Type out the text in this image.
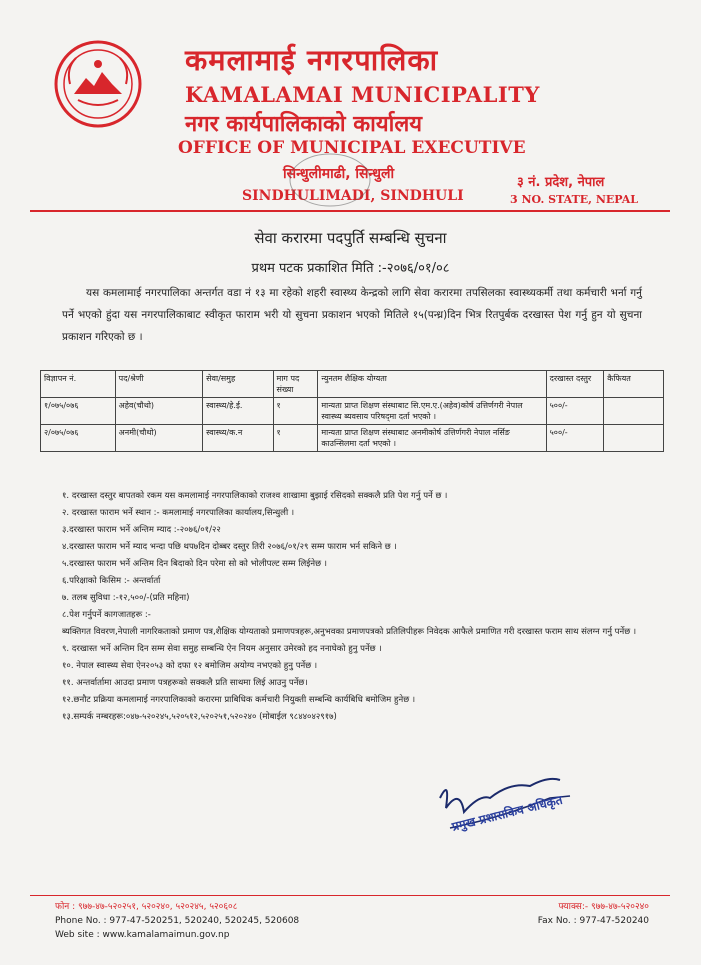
कमलामाई नगरपालिका
KAMALAMAI MUNICIPALITY
नगर कार्यपालिकाको कार्यालय
OFFICE OF MUNICIPAL EXECUTIVE
सिन्धुलीमाढी, सिन्धुली
SINDHULIMADI, SINDHULI
३ नं. प्रदेश, नेपाल
3 NO. STATE, NEPAL
सेवा करारमा पदपुर्ति सम्बन्धि सुचना
प्रथम पटक प्रकाशित मिति :-२०७६/०१/०८
यस कमलामाई नगरपालिका अन्तर्गत वडा नं १३ मा रहेको शहरी स्वास्थ्य केन्द्रको लागि सेवा करारमा तपसिलका स्वास्थ्यकर्मी तथा कर्मचारी भर्ना गर्नु पर्ने भएको हुंदा यस नगरपालिकाबाट स्वीकृत फाराम भरी यो सुचना प्रकाशन भएको मितिले १५(पन्ध्र)दिन भित्र रितपुर्बक दरखास्त पेश गर्नु हुन यो सुचना प्रकाशन गरिएको छ ।
विज्ञापन नं.	पद/श्रेणी	सेवा/समुह	माग पद संख्या	न्युनतम शैक्षिक योग्यता	दरखास्त दस्तुर	कैफियत
१/०७५/०७६	अहेव(चौथो)	स्वास्थ्य/हे.ई.	१	मान्यता प्राप्त शिक्षण संस्थाबाट सि.एम.ए.(अहेव)कोर्ष उत्तिर्णगरी नेपाल स्वास्थ्य ब्यवसाय परिषद्‌मा दर्ता भएको ।	५००/-	
२/०७५/०७६	अनमी(चौथो)	स्वास्थ्य/क.न	१	मान्यता प्राप्त शिक्षण संस्थाबाट अनमीकोर्ष उत्तिर्णगरी नेपाल नर्सिङ काउन्सिलमा दर्ता भएको ।	५००/-	
१. दरखास्त दस्तुर बापतको रकम यस कमलामाई नगरपालिकाको राजश्व शाखामा बुझाई रसिदको सक्कलै प्रति पेश गर्नु पर्ने छ ।
२. दरखास्त फाराम भर्ने स्थान :- कमलामाई नगरपालिका कार्यालय,सिन्धुली ।
३.दरखास्त फाराम भर्ने अन्तिम म्याद :-२०७६/०१/२२
४.दरखास्त फाराम भर्ने म्याद भन्दा पछि थप७दिन दोब्बर दस्तुर तिरी २०७६/०१/२९ सम्म फाराम भर्न सकिने छ ।
५.दरखास्त फाराम भर्ने अन्तिम दिन बिदाको दिन परेमा सो को भोलीपल्ट सम्म लिईनेछ ।
६.परिक्षाको किसिम :- अन्तर्वार्ता
७. तलब सुविधा :-१२,५००/-(प्रति महिना)
८.पेश गर्नुपर्ने कागजातहरू :-
ब्यक्तिगत विवरण,नेपाली नागरिकताको प्रमाण पत्र,शैक्षिक योग्यताको प्रमाणपत्रहरू,अनुभवका प्रमाणपत्रको प्रतिलिपीहरू निवेदक आफैले प्रमाणित गरी दरखास्त फराम साथ संलग्न गर्नु पर्नेछ ।
९. दरखास्त भर्ने अन्तिम दिन सम्म सेवा समुह सम्बन्धि ऐन नियम अनुसार उमेरको हद ननाघेको हुनु पर्नेछ ।
१०. नेपाल स्वास्थ्य सेवा ऐन२०५३ को दफा १२ बमोजिम अयोग्य नभएको हुनु पर्नेछ ।
११. अन्तर्वार्तामा आउदा प्रमाण पत्रहरूको सक्कलै प्रति साथमा लिई आउनु पर्नेछ।
१२.छनौट प्रक्रिया कमलामाई नगरपालिकाको करारमा प्राबिधिक कर्मचारी नियुक्ती सम्बन्धि कार्यबिधि बमोजिम हुनेछ ।
१३.सम्पर्क नम्बरहरू:०४७-५२०२४५,५२०५१२,५२०२५१,५२०२४० (मोबाईल ९८४४०४२९१७)
प्रमुख प्रशासकिय अधिकृत
फोन : ९७७-४७-५२०२५१, ५२०२४०, ५२०२४५, ५२०६०८
Phone No. : 977-47-520251, 520240, 520245, 520608
Web site : www.kamalamaimun.gov.np
फ्याक्स:- ९७७-४७-५२०२४०
Fax No. : 977-47-520240
